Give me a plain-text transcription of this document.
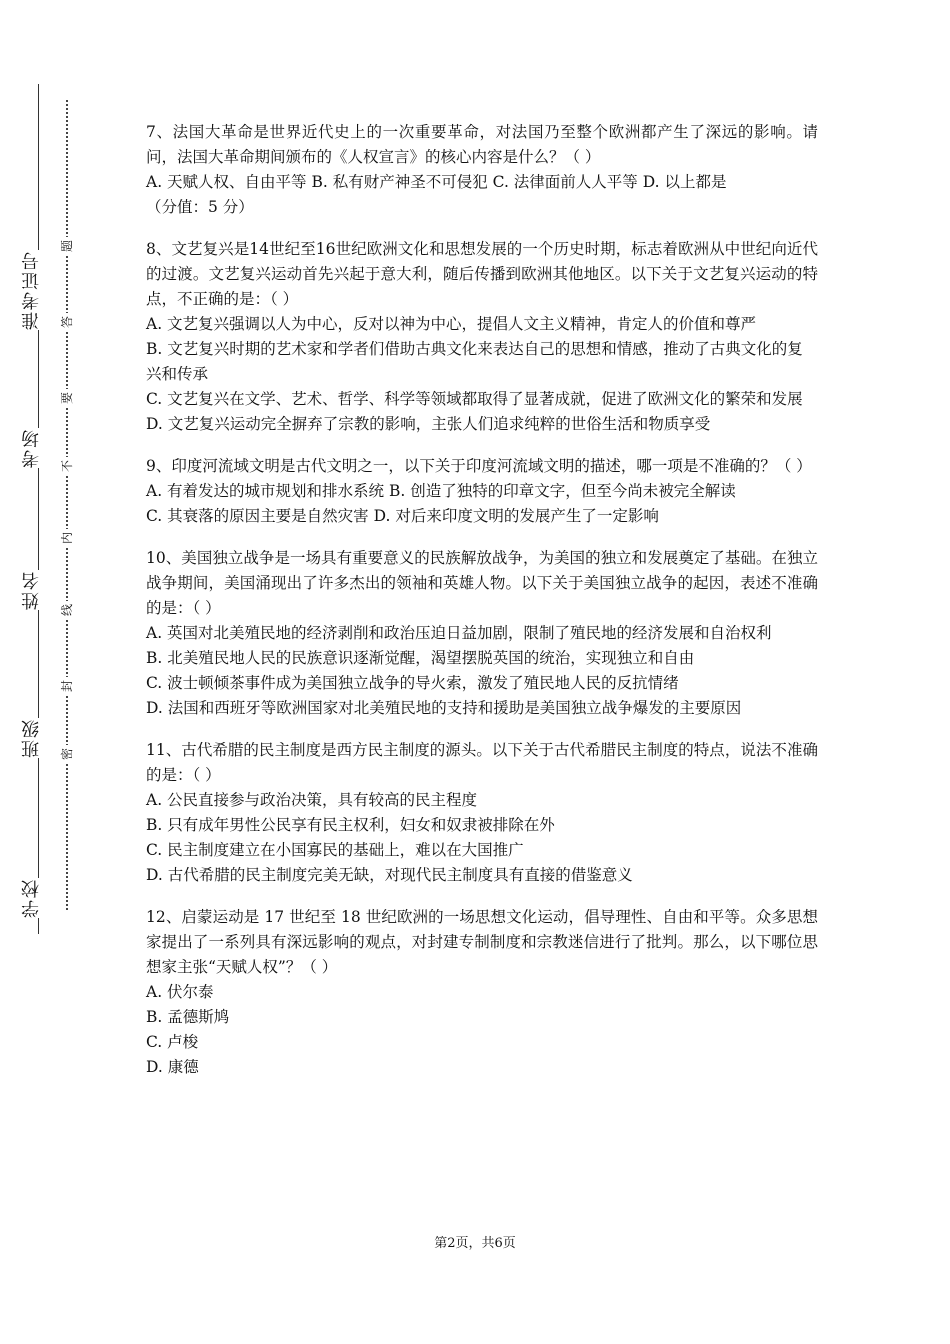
准考证号
考场
姓名
班级
学校
题
答
要
不
内
线
封
密

7、法国大革命是世界近代史上的一次重要革命，对法国乃至整个欧洲都产生了深远的影响。请问，法国大革命期间颁布的《人权宣言》的核心内容是什么？（ ）

A. 天赋人权、自由平等 B. 私有财产神圣不可侵犯 C. 法律面前人人平等 D. 以上都是

（分值：5 分）

8、文艺复兴是14世纪至16世纪欧洲文化和思想发展的一个历史时期，标志着欧洲从中世纪向近代的过渡。文艺复兴运动首先兴起于意大利，随后传播到欧洲其他地区。以下关于文艺复兴运动的特点，不正确的是：（ ）

A. 文艺复兴强调以人为中心，反对以神为中心，提倡人文主义精神，肯定人的价值和尊严

B. 文艺复兴时期的艺术家和学者们借助古典文化来表达自己的思想和情感，推动了古典文化的复兴和传承

C. 文艺复兴在文学、艺术、哲学、科学等领域都取得了显著成就，促进了欧洲文化的繁荣和发展

D. 文艺复兴运动完全摒弃了宗教的影响，主张人们追求纯粹的世俗生活和物质享受

9、印度河流域文明是古代文明之一，以下关于印度河流域文明的描述，哪一项是不准确的？（ ）

A. 有着发达的城市规划和排水系统 B. 创造了独特的印章文字，但至今尚未被完全解读

C. 其衰落的原因主要是自然灾害 D. 对后来印度文明的发展产生了一定影响

10、美国独立战争是一场具有重要意义的民族解放战争，为美国的独立和发展奠定了基础。在独立战争期间，美国涌现出了许多杰出的领袖和英雄人物。以下关于美国独立战争的起因，表述不准确的是：（ ）

A. 英国对北美殖民地的经济剥削和政治压迫日益加剧，限制了殖民地的经济发展和自治权利

B. 北美殖民地人民的民族意识逐渐觉醒，渴望摆脱英国的统治，实现独立和自由

C. 波士顿倾茶事件成为美国独立战争的导火索，激发了殖民地人民的反抗情绪

D. 法国和西班牙等欧洲国家对北美殖民地的支持和援助是美国独立战争爆发的主要原因

11、古代希腊的民主制度是西方民主制度的源头。以下关于古代希腊民主制度的特点，说法不准确的是：（ ）

A. 公民直接参与政治决策，具有较高的民主程度

B. 只有成年男性公民享有民主权利，妇女和奴隶被排除在外

C. 民主制度建立在小国寡民的基础上，难以在大国推广

D. 古代希腊的民主制度完美无缺，对现代民主制度具有直接的借鉴意义

12、启蒙运动是 17 世纪至 18 世纪欧洲的一场思想文化运动，倡导理性、自由和平等。众多思想家提出了一系列具有深远影响的观点，对封建专制制度和宗教迷信进行了批判。那么，以下哪位思想家主张“天赋人权”？（ ）

A. 伏尔泰

B. 孟德斯鸠

C. 卢梭

D. 康德

第2页，共6页
